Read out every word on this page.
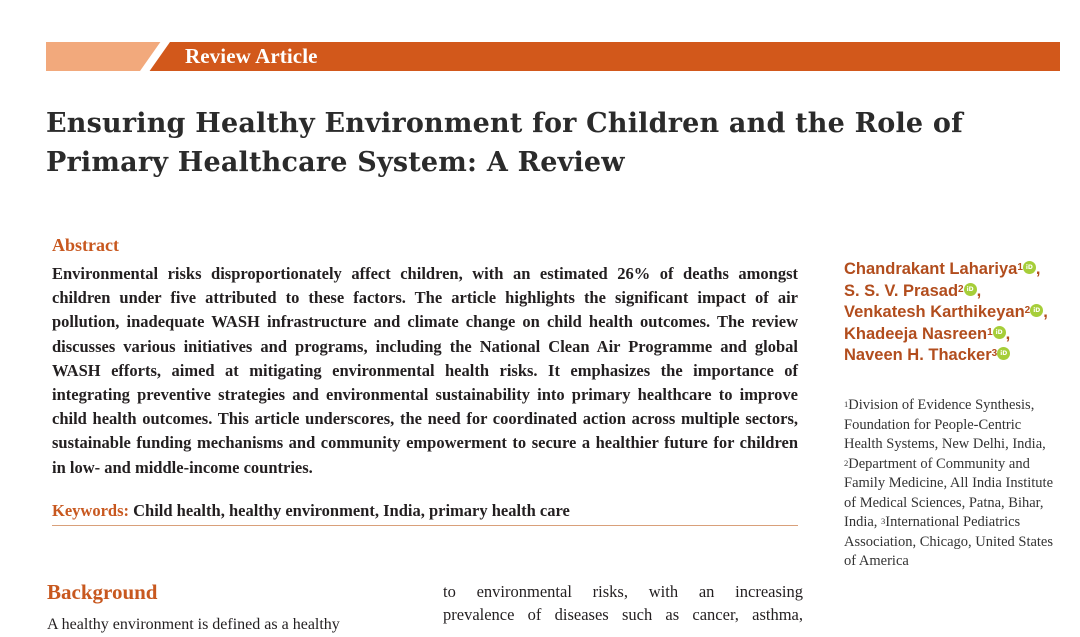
Review Article
Ensuring Healthy Environment for Children and the Role of Primary Healthcare System: A Review
Abstract
Environmental risks disproportionately affect children, with an estimated 26% of deaths amongst children under five attributed to these factors. The article highlights the significant impact of air pollution, inadequate WASH infrastructure and climate change on child health outcomes. The review discusses various initiatives and programs, including the National Clean Air Programme and global WASH efforts, aimed at mitigating environmental health risks. It emphasizes the importance of integrating preventive strategies and environmental sustainability into primary healthcare to improve child health outcomes. This article underscores, the need for coordinated action across multiple sectors, sustainable funding mechanisms and community empowerment to secure a healthier future for children in low- and middle-income countries.
Keywords: Child health, healthy environment, India, primary health care
Chandrakant Lahariya$^1$ iD ,
S. S. V. Prasad$^2$ iD ,
Venkatesh Karthikeyan$^2$ iD ,
Khadeeja Nasreen$^1$ iD ,
Naveen H. Thacker$^3$ iD
$^1$Division of Evidence Synthesis, Foundation for People-Centric Health Systems, New Delhi, India, $^2$Department of Community and Family Medicine, All India Institute of Medical Sciences, Patna, Bihar, India, $^3$International Pediatrics Association, Chicago, United States of America
Background
A healthy environment is defined as a healthy
to environmental risks, with an increasing
prevalence of diseases such as cancer, asthma,
